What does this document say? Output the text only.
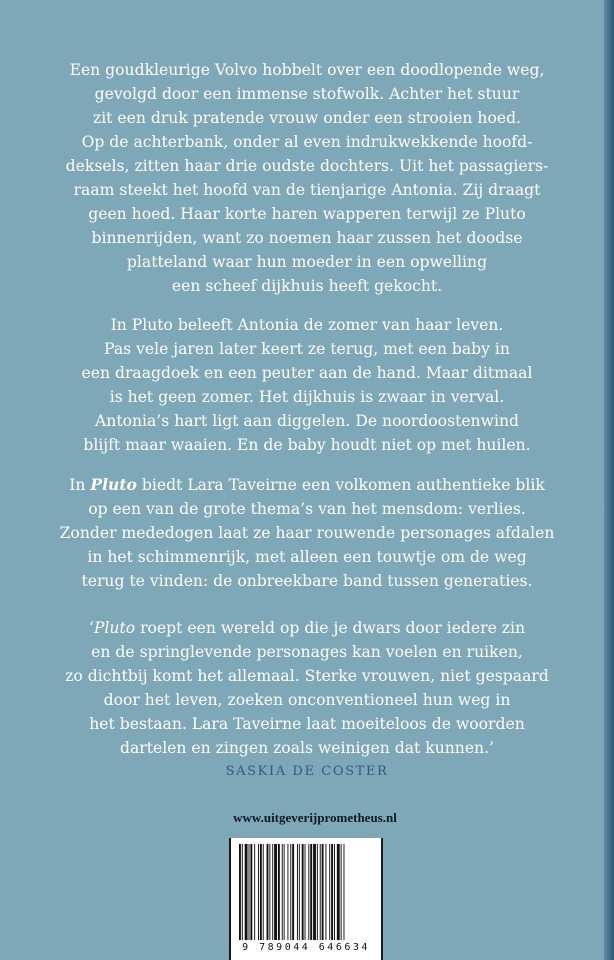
Een goudkleurige Volvo hobbelt over een doodlopende weg,
gevolgd door een immense stofwolk. Achter het stuur
zit een druk pratende vrouw onder een strooien hoed.
Op de achterbank, onder al even indrukwekkende hoofd-
deksels, zitten haar drie oudste dochters. Uit het passagiers-
raam steekt het hoofd van de tienjarige Antonia. Zij draagt
geen hoed. Haar korte haren wapperen terwijl ze Pluto
binnenrijden, want zo noemen haar zussen het doodse
platteland waar hun moeder in een opwelling
een scheef dijkhuis heeft gekocht.

In Pluto beleeft Antonia de zomer van haar leven.
Pas vele jaren later keert ze terug, met een baby in
een draagdoek en een peuter aan de hand. Maar ditmaal
is het geen zomer. Het dijkhuis is zwaar in verval.
Antonia’s hart ligt aan diggelen. De noordoostenwind
blijft maar waaien. En de baby houdt niet op met huilen.

In Pluto biedt Lara Taveirne een volkomen authentieke blik
op een van de grote thema’s van het mensdom: verlies.
Zonder mededogen laat ze haar rouwende personages afdalen
in het schimmenrijk, met alleen een touwtje om de weg
terug te vinden: de onbreekbare band tussen generaties.

‘Pluto roept een wereld op die je dwars door iedere zin
en de springlevende personages kan voelen en ruiken,
zo dichtbij komt het allemaal. Sterke vrouwen, niet gespaard
door het leven, zoeken onconventioneel hun weg in
het bestaan. Lara Taveirne laat moeiteloos de woorden
dartelen en zingen zoals weinigen dat kunnen.’

SASKIA DE COSTER
www.uitgeverijprometheus.nl
9 789044 646634
